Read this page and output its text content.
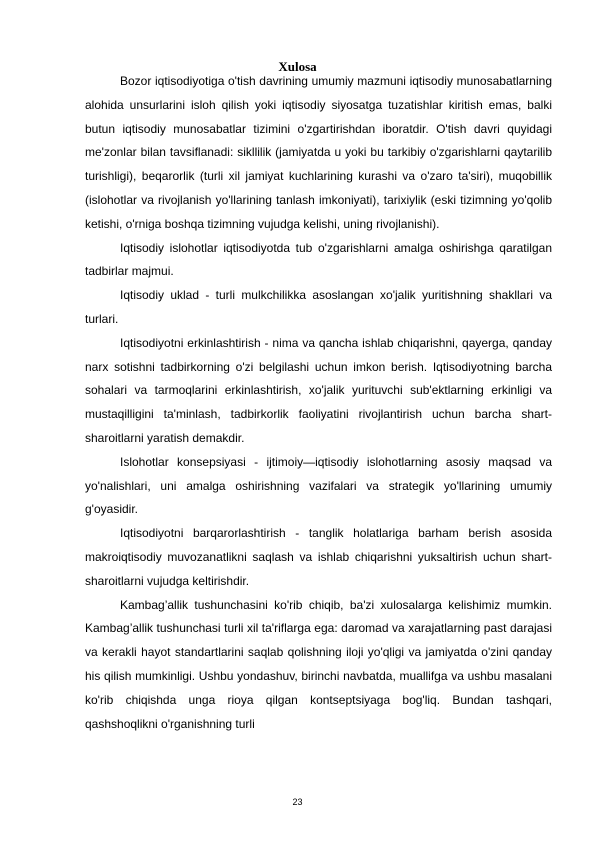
Xulosa

Bozor iqtisodiyotiga o'tish davrining umumiy mazmuni iqtisodiy munosabatlarning alohida unsurlarini isloh qilish yoki iqtisodiy siyosatga tuzatishlar kiritish emas, balki butun iqtisodiy munosabatlar tizimini o'zgartirishdan iboratdir. O'tish davri quyidagi me'zonlar bilan tavsiflanadi: sikllilik (jamiyatda u yoki bu tarkibiy o'zgarishlarni qaytarilib turishligi), beqarorlik (turli xil jamiyat kuchlarining kurashi va o'zaro ta'siri), muqobillik (islohotlar va rivojlanish yo'llarining tanlash imkoniyati), tarixiylik (eski tizimning yo'qolib ketishi, o'rniga boshqa tizimning vujudga kelishi, uning rivojlanishi).

Iqtisodiy islohotlar iqtisodiyotda tub o'zgarishlarni amalga oshirishga qaratilgan tadbirlar majmui.

Iqtisodiy uklad - turli mulkchilikka asoslangan xo'jalik yuritishning shakllari va turlari.

Iqtisodiyotni erkinlashtirish - nima va qancha ishlab chiqarishni, qayerga, qanday narx sotishni tadbirkorning o'zi belgilashi uchun imkon berish. Iqtisodiyotning barcha sohalari va tarmoqlarini erkinlashtirish, xo'jalik yurituvchi sub'ektlarning erkinligi va mustaqilligini ta'minlash, tadbirkorlik faoliyatini rivojlantirish uchun barcha shart-sharoitlarni yaratish demakdir.

Islohotlar konsepsiyasi - ijtimoiy—iqtisodiy islohotlarning asosiy maqsad va yo'nalishlari, uni amalga oshirishning vazifalari va strategik yo'llarining umumiy g'oyasidir.

Iqtisodiyotni barqarorlashtirish - tanglik holatlariga barham berish asosida makroiqtisodiy muvozanatlikni saqlash va ishlab chiqarishni yuksaltirish uchun shart-sharoitlarni vujudga keltirishdir.

Kambag’allik tushunchasini ko'rib chiqib, ba'zi xulosalarga kelishimiz mumkin. Kambag’allik tushunchasi turli xil ta'riflarga ega: daromad va xarajatlarning past darajasi va kerakli hayot standartlarini saqlab qolishning iloji yo'qligi va jamiyatda o'zini qanday his qilish mumkinligi. Ushbu yondashuv, birinchi navbatda, muallifga va ushbu masalani ko'rib chiqishda unga rioya qilgan kontseptsiyaga bog'liq. Bundan tashqari, qashshoqlikni o'rganishning turli

23
